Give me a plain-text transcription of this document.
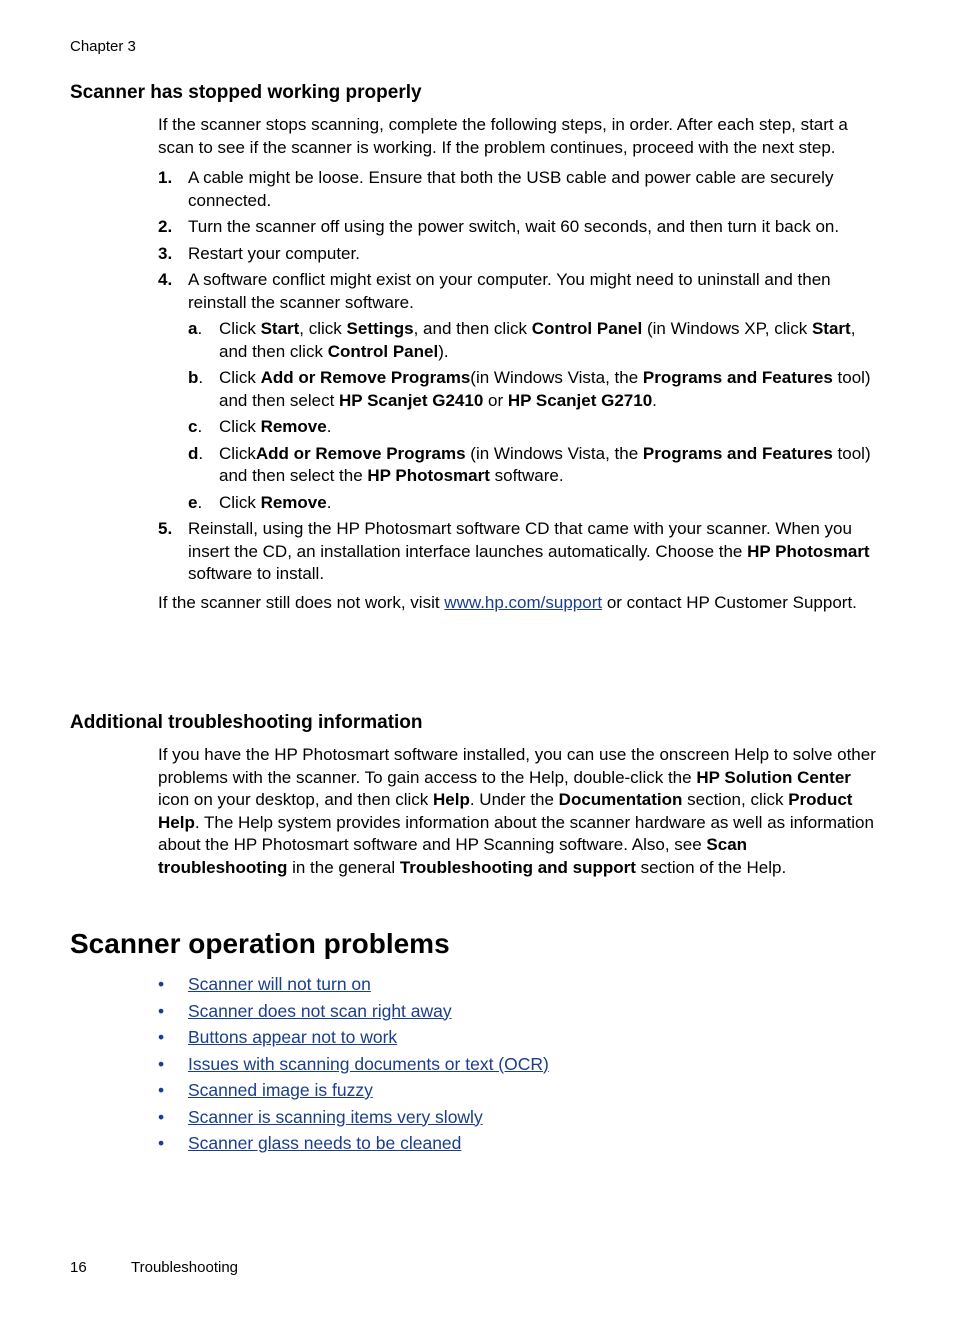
Chapter 3
Scanner has stopped working properly

If the scanner stops scanning, complete the following steps, in order. After each step, start a scan to see if the scanner is working. If the problem continues, proceed with the next step.

1. A cable might be loose. Ensure that both the USB cable and power cable are securely connected.
2. Turn the scanner off using the power switch, wait 60 seconds, and then turn it back on.
3. Restart your computer.
4. A software conflict might exist on your computer. You might need to uninstall and then reinstall the scanner software.
a. Click Start, click Settings, and then click Control Panel (in Windows XP, click Start, and then click Control Panel).
b. Click Add or Remove Programs(in Windows Vista, the Programs and Features tool) and then select HP Scanjet G2410 or HP Scanjet G2710.
c. Click Remove.
d. ClickAdd or Remove Programs (in Windows Vista, the Programs and Features tool) and then select the HP Photosmart software.
e. Click Remove.
5. Reinstall, using the HP Photosmart software CD that came with your scanner. When you insert the CD, an installation interface launches automatically. Choose the HP Photosmart software to install.

If the scanner still does not work, visit www.hp.com/support or contact HP Customer Support.

Additional troubleshooting information

If you have the HP Photosmart software installed, you can use the onscreen Help to solve other problems with the scanner. To gain access to the Help, double-click the HP Solution Center icon on your desktop, and then click Help. Under the Documentation section, click Product Help. The Help system provides information about the scanner hardware as well as information about the HP Photosmart software and HP Scanning software. Also, see Scan troubleshooting in the general Troubleshooting and support section of the Help.

Scanner operation problems
• Scanner will not turn on
• Scanner does not scan right away
• Buttons appear not to work
• Issues with scanning documents or text (OCR)
• Scanned image is fuzzy
• Scanner is scanning items very slowly
• Scanner glass needs to be cleaned
16	Troubleshooting
